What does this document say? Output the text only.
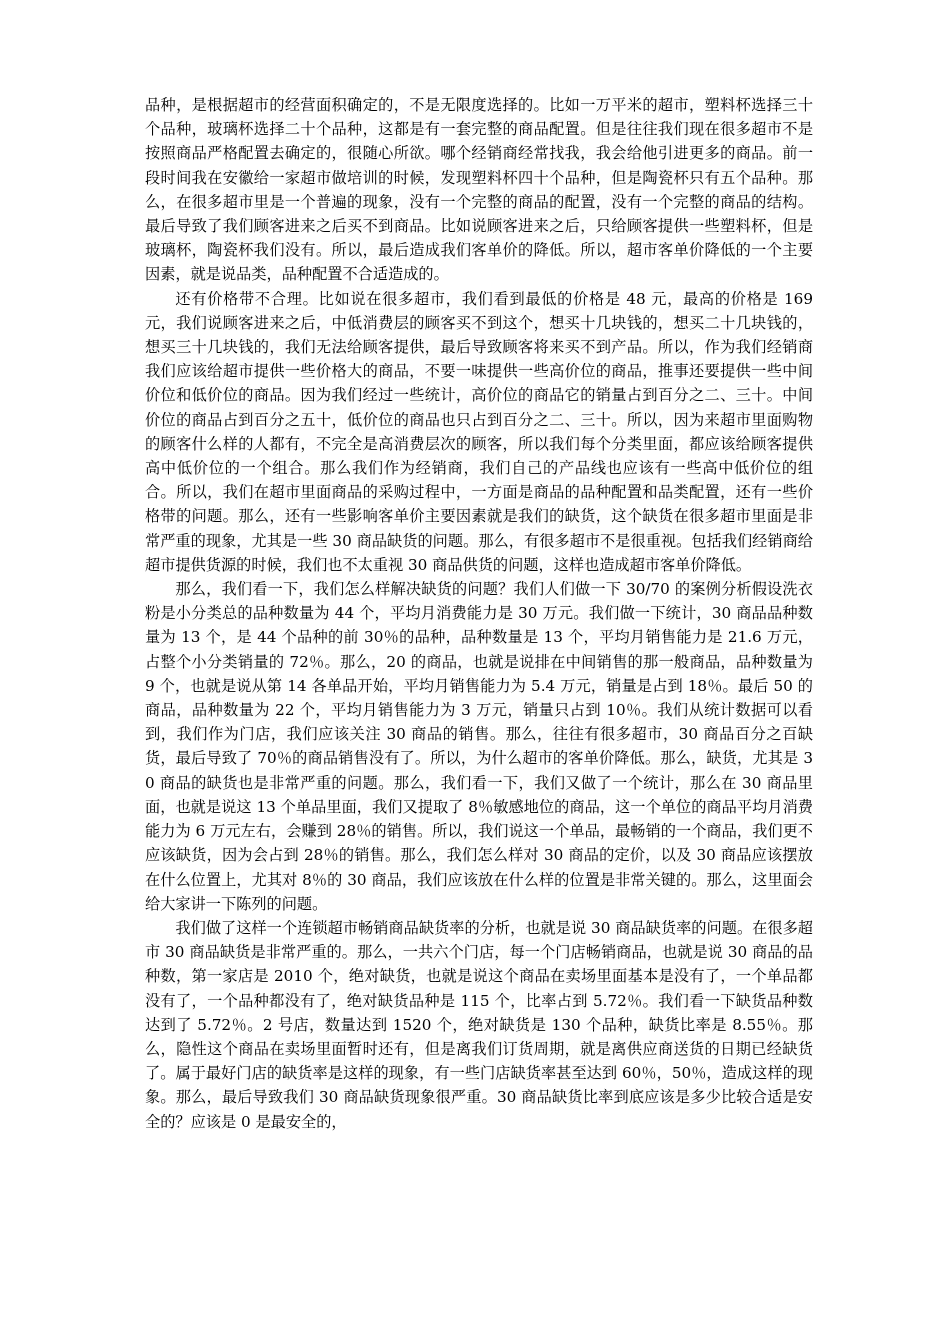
品种，是根据超市的经营面积确定的，不是无限度选择的。比如一万平米的超市，塑料杯选择三十个品种，玻璃杯选择二十个品种，这都是有一套完整的商品配置。但是往往我们现在很多超市不是按照商品严格配置去确定的，很随心所欲。哪个经销商经常找我，我会给他引进更多的商品。前一段时间我在安徽给一家超市做培训的时候，发现塑料杯四十个品种，但是陶瓷杯只有五个品种。那么，在很多超市里是一个普遍的现象，没有一个完整的商品的配置，没有一个完整的商品的结构。最后导致了我们顾客进来之后买不到商品。比如说顾客进来之后，只给顾客提供一些塑料杯，但是玻璃杯，陶瓷杯我们没有。所以，最后造成我们客单价的降低。所以，超市客单价降低的一个主要因素，就是说品类，品种配置不合适造成的。

还有价格带不合理。比如说在很多超市，我们看到最低的价格是 48 元，最高的价格是 169 元，我们说顾客进来之后，中低消费层的顾客买不到这个，想买十几块钱的，想买二十几块钱的，想买三十几块钱的，我们无法给顾客提供，最后导致顾客将来买不到产品。所以，作为我们经销商我们应该给超市提供一些价格大的商品，不要一味提供一些高价位的商品，推事还要提供一些中间价位和低价位的商品。因为我们经过一些统计，高价位的商品它的销量占到百分之二、三十。中间价位的商品占到百分之五十，低价位的商品也只占到百分之二、三十。所以，因为来超市里面购物的顾客什么样的人都有，不完全是高消费层次的顾客，所以我们每个分类里面，都应该给顾客提供高中低价位的一个组合。那么我们作为经销商，我们自己的产品线也应该有一些高中低价位的组合。所以，我们在超市里面商品的采购过程中，一方面是商品的品种配置和品类配置，还有一些价格带的问题。那么，还有一些影响客单价主要因素就是我们的缺货，这个缺货在很多超市里面是非常严重的现象，尤其是一些 30 商品缺货的问题。那么，有很多超市不是很重视。包括我们经销商给超市提供货源的时候，我们也不太重视 30 商品供货的问题，这样也造成超市客单价降低。

那么，我们看一下，我们怎么样解决缺货的问题？我们人们做一下 30/70 的案例分析假设洗衣粉是小分类总的品种数量为 44 个，平均月消费能力是 30 万元。我们做一下统计，30 商品品种数量为 13 个，是 44 个品种的前 30％的品种，品种数量是 13 个，平均月销售能力是 21.6 万元，占整个小分类销量的 72％。那么，20 的商品，也就是说排在中间销售的那一般商品，品种数量为 9 个，也就是说从第 14 各单品开始，平均月销售能力为 5.4 万元，销量是占到 18％。最后 50 的商品，品种数量为 22 个，平均月销售能力为 3 万元，销量只占到 10％。我们从统计数据可以看到，我们作为门店，我们应该关注 30 商品的销售。那么，往往有很多超市，30 商品百分之百缺货，最后导致了 70％的商品销售没有了。所以，为什么超市的客单价降低。那么，缺货，尤其是 30 商品的缺货也是非常严重的问题。那么，我们看一下，我们又做了一个统计，那么在 30 商品里面，也就是说这 13 个单品里面，我们又提取了 8％敏感地位的商品，这一个单位的商品平均月消费能力为 6 万元左右，会赚到 28％的销售。所以，我们说这一个单品，最畅销的一个商品，我们更不应该缺货，因为会占到 28％的销售。那么，我们怎么样对 30 商品的定价，以及 30 商品应该摆放在什么位置上，尤其对 8％的 30 商品，我们应该放在什么样的位置是非常关键的。那么，这里面会给大家讲一下陈列的问题。

我们做了这样一个连锁超市畅销商品缺货率的分析，也就是说 30 商品缺货率的问题。在很多超市 30 商品缺货是非常严重的。那么，一共六个门店，每一个门店畅销商品，也就是说 30 商品的品种数，第一家店是 2010 个，绝对缺货，也就是说这个商品在卖场里面基本是没有了，一个单品都没有了，一个品种都没有了，绝对缺货品种是 115 个，比率占到 5.72％。我们看一下缺货品种数达到了 5.72％。2 号店，数量达到 1520 个，绝对缺货是 130 个品种，缺货比率是 8.55％。那么，隐性这个商品在卖场里面暂时还有，但是离我们订货周期，就是离供应商送货的日期已经缺货了。属于最好门店的缺货率是这样的现象，有一些门店缺货率甚至达到 60％，50％，造成这样的现象。那么，最后导致我们 30 商品缺货现象很严重。30 商品缺货比率到底应该是多少比较合适是安全的？应该是 0 是最安全的，
